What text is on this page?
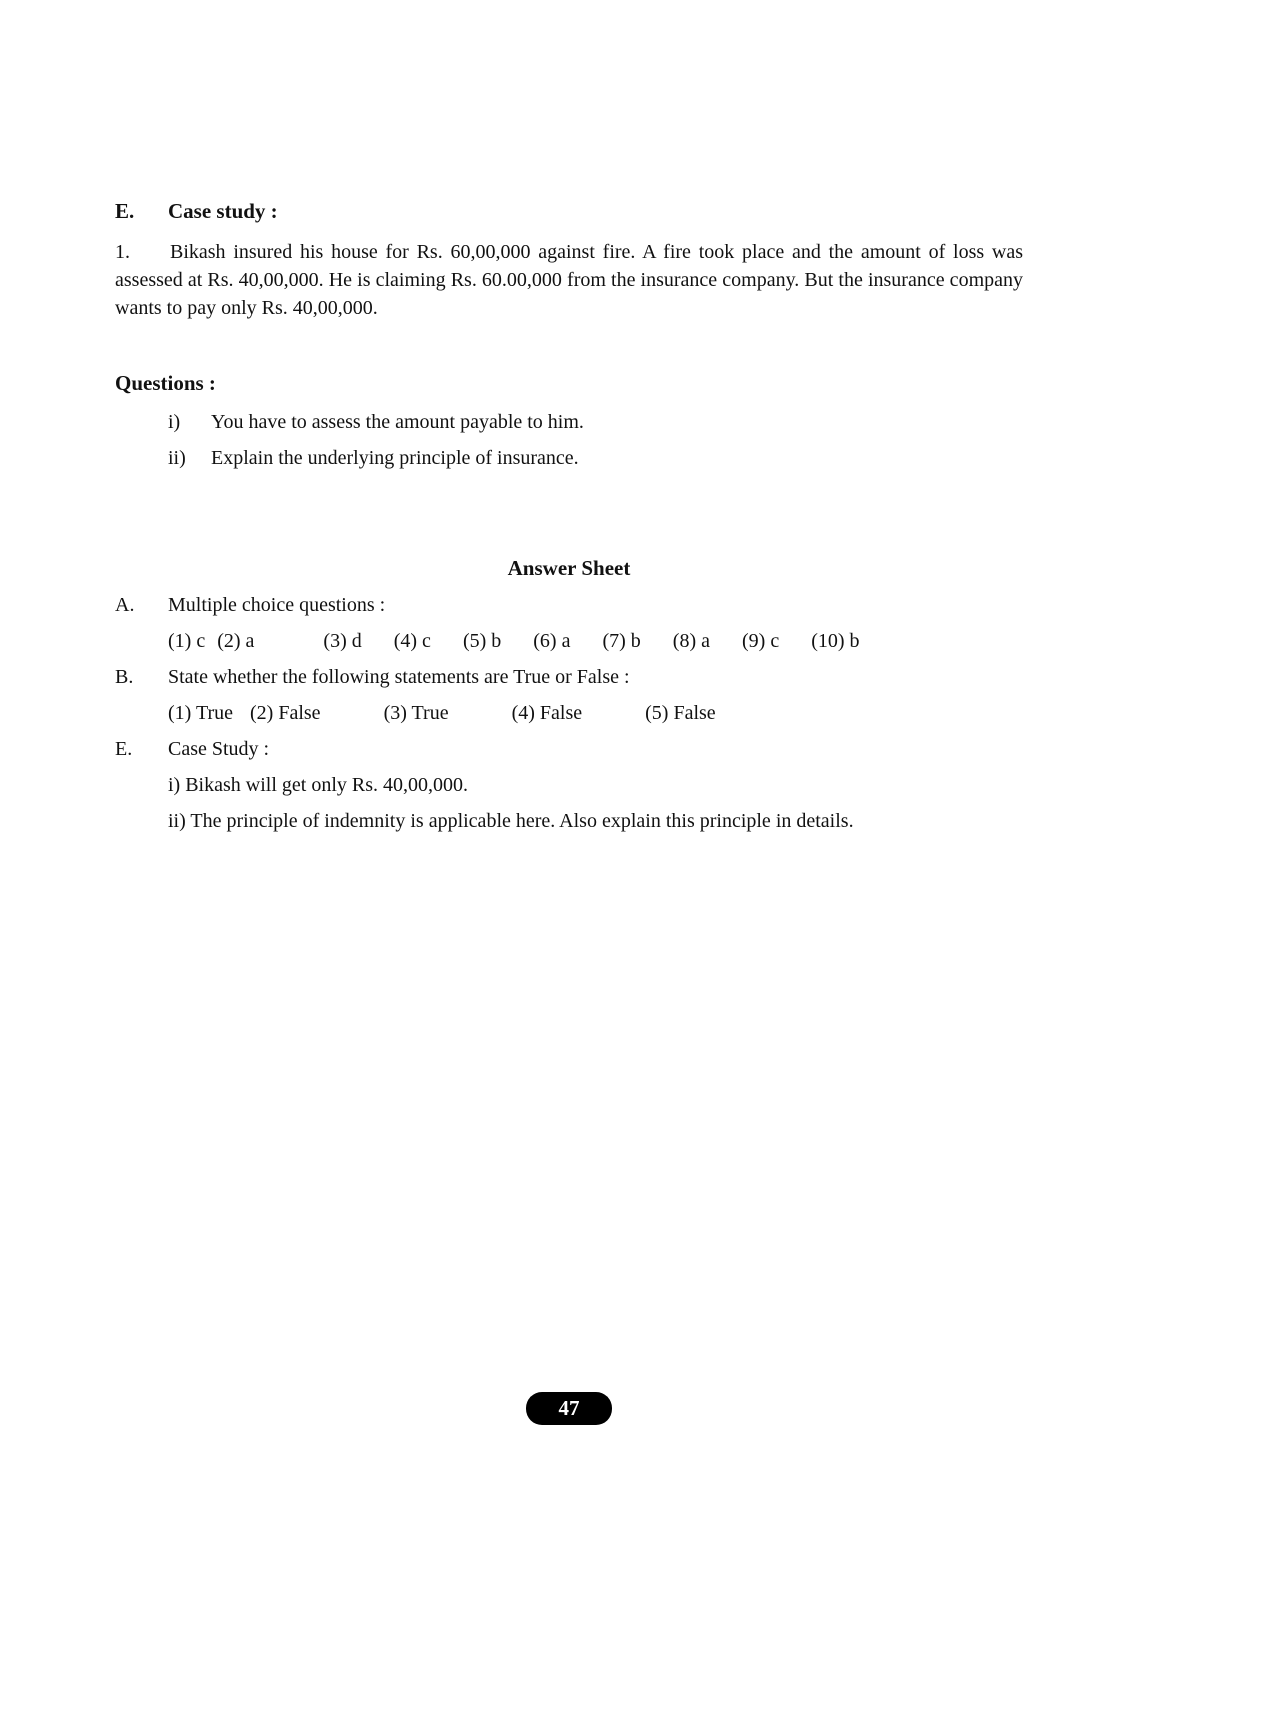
E. Case study :

1. Bikash insured his house for Rs. 60,00,000 against fire. A fire took place and the amount of loss was assessed at Rs. 40,00,000. He is claiming Rs. 60.00,000 from the insurance company. But the insurance company wants to pay only Rs. 40,00,000.

Questions :
i)	You have to assess the amount payable to him.
ii)	Explain the underlying principle of insurance.
Answer Sheet
A. Multiple choice questions :
(1) c (2) a	(3) d (4) c (5) b (6) a (7) b (8) a (9) c (10) b
B. State whether the following statements are True or False :
(1) True (2) False	(3) True	(4) False	(5) False
E. Case Study :
i) Bikash will get only Rs. 40,00,000.
ii) The principle of indemnity is applicable here. Also explain this principle in details.
47
